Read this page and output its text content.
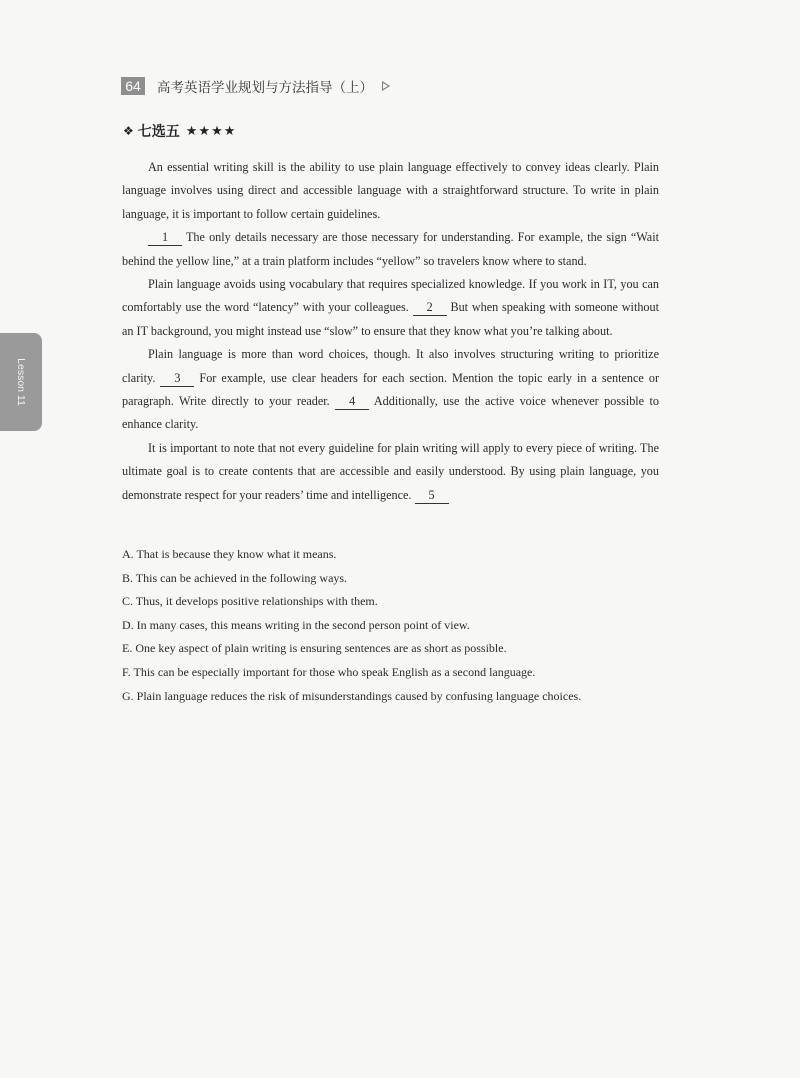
64	高考英语学业规划与方法指导（上）
Lesson 11
❖ 七选五 ★★★★

An essential writing skill is the ability to use plain language effectively to convey ideas clearly. Plain language involves using direct and accessible language with a straightforward structure. To write in plain language, it is important to follow certain guidelines.

1 The only details necessary are those necessary for understanding. For example, the sign “Wait behind the yellow line,” at a train platform includes “yellow” so travelers know where to stand.

Plain language avoids using vocabulary that requires specialized knowledge. If you work in IT, you can comfortably use the word “latency” with your colleagues. 2 But when speaking with someone without an IT background, you might instead use “slow” to ensure that they know what you’re talking about.

Plain language is more than word choices, though. It also involves structuring writing to prioritize clarity. 3 For example, use clear headers for each section. Mention the topic early in a sentence or paragraph. Write directly to your reader. 4 Additionally, use the active voice whenever possible to enhance clarity.

It is important to note that not every guideline for plain writing will apply to every piece of writing. The ultimate goal is to create contents that are accessible and easily understood. By using plain language, you demonstrate respect for your readers’ time and intelligence. 5

A. That is because they know what it means.
B. This can be achieved in the following ways.
C. Thus, it develops positive relationships with them.
D. In many cases, this means writing in the second person point of view.
E. One key aspect of plain writing is ensuring sentences are as short as possible.
F. This can be especially important for those who speak English as a second language.
G. Plain language reduces the risk of misunderstandings caused by confusing language choices.
